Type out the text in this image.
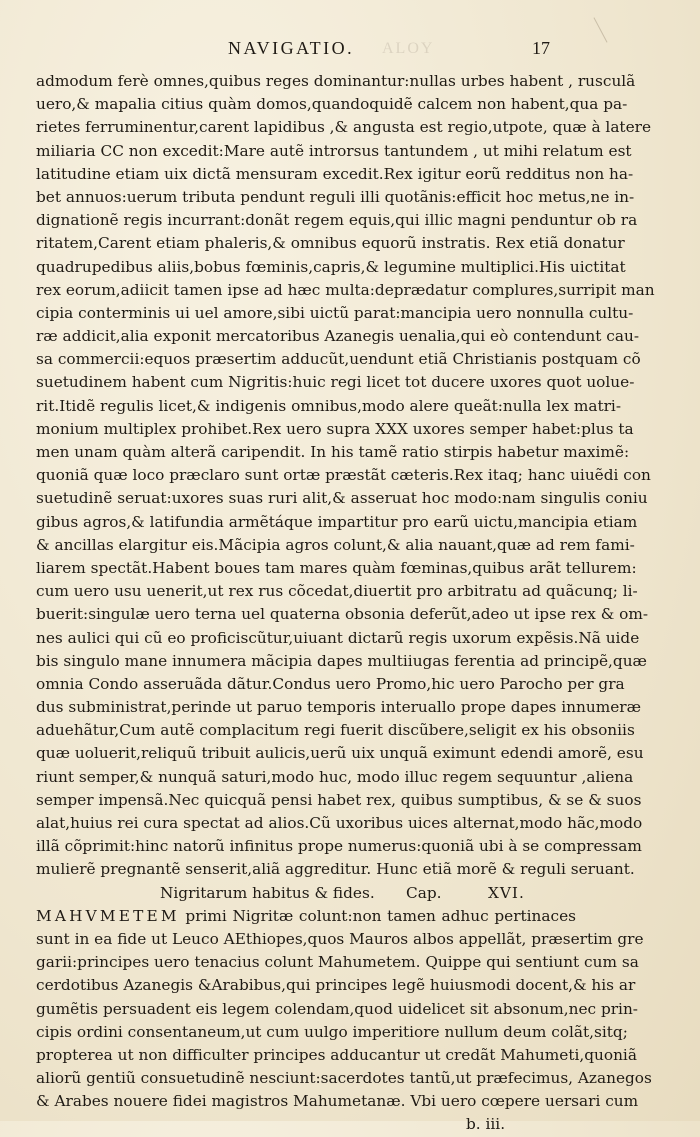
NAVIGATIO. ALOY	17
admodum ferè omnes,quibus reges dominantur:nullas urbes habent , rusculã
uero,& mapalia citius quàm domos,quandoquidẽ calcem non habent,qua pa-
rietes ferruminentur,carent lapidibus ,& angusta est regio,utpote, quæ à latere
miliaria CC non excedit:Mare autẽ introrsus tantundem , ut mihi relatum est
latitudine etiam uix dictã mensuram excedit.Rex igitur eorũ redditus non ha-
bet annuos:uerum tributa pendunt reguli illi quotãnis:efficit hoc metus,ne in-
dignationẽ regis incurrant:donãt regem equis,qui illic magni penduntur ob ra
ritatem,Carent etiam phaleris,& omnibus equorũ instratis. Rex etiã donatur
quadrupedibus aliis,bobus fœminis,capris,& legumine multiplici.His uictitat
rex eorum,adiicit tamen ipse ad hæc multa:deprædatur complures,surripit man
cipia conterminis ui uel amore,sibi uictũ parat:mancipia uero nonnulla cultu-
ræ addicit,alia exponit mercatoribus Azanegis uenalia,qui eò contendunt cau-
sa commercii:equos præsertim adducũt,uendunt etiã Christianis postquam cõ
suetudinem habent cum Nigritis:huic regi licet tot ducere uxores quot uolue-
rit.Itidẽ regulis licet,& indigenis omnibus,modo alere queãt:nulla lex matri-
monium multiplex prohibet.Rex uero supra XXX uxores semper habet:plus ta
men unam quàm alterã caripendit. In his tamẽ ratio stirpis habetur maximẽ:
quoniã quæ loco præclaro sunt ortæ præstãt cæteris.Rex itaq; hanc uiuẽdi con
suetudinẽ seruat:uxores suas ruri alit,& asseruat hoc modo:nam singulis coniu
gibus agros,& latifundia armẽtáque impartitur pro earũ uictu,mancipia etiam
& ancillas elargitur eis.Mãcipia agros colunt,& alia nauant,quæ ad rem fami-
liarem spectãt.Habent boues tam mares quàm fœminas,quibus arãt tellurem:
cum uero usu uenerit,ut rex rus cõcedat,diuertit pro arbitratu ad quãcunq; li-
buerit:singulæ uero terna uel quaterna obsonia deferũt,adeo ut ipse rex & om-
nes aulici qui cũ eo proficiscũtur,uiuant dictarũ regis uxorum expẽsis.Nã uide
bis singulo mane innumera mãcipia dapes multiiugas ferentia ad principẽ,quæ
omnia Condo asseruãda dãtur.Condus uero Promo,hic uero Parocho per gra
dus subministrat,perinde ut paruo temporis interuallo prope dapes innumeræ
aduehãtur,Cum autẽ complacitum regi fuerit discũbere,seligit ex his obsoniis
quæ uoluerit,reliquũ tribuit aulicis,uerũ uix unquã eximunt edendi amorẽ, esu
riunt semper,& nunquã saturi,modo huc, modo illuc regem sequuntur ,aliena
semper impensã.Nec quicquã pensi habet rex, quibus sumptibus, & se & suos
alat,huius rei cura spectat ad alios.Cũ uxoribus uices alternat,modo hãc,modo
illã cõprimit:hinc natorũ infinitus prope numerus:quoniã ubi à se compressam
mulierẽ pregnantẽ senserit,aliã aggreditur. Hunc etiã morẽ & reguli seruant.
Nigritarum habitus & fides. Cap.	XVI.
MAHVMETEM primi Nigritæ colunt:non tamen adhuc pertinaces
sunt in ea fide ut Leuco AEthiopes,quos Mauros albos appellãt, præsertim gre
garii:principes uero tenacius colunt Mahumetem. Quippe qui sentiunt cum sa
cerdotibus Azanegis &Arabibus,qui principes legẽ huiusmodi docent,& his ar
gumẽtis persuadent eis legem colendam,quod uidelicet sit absonum,nec prin-
cipis ordini consentaneum,ut cum uulgo imperitiore nullum deum colãt,sitq;
propterea ut non difficulter principes adducantur ut credãt Mahumeti,quoniã
aliorũ gentiũ consuetudinẽ nesciunt:sacerdotes tantũ,ut præfecimus, Azanegos
& Arabes nouere fidei magistros Mahumetanæ. Vbi uero cœpere uersari cum
b. iii.
